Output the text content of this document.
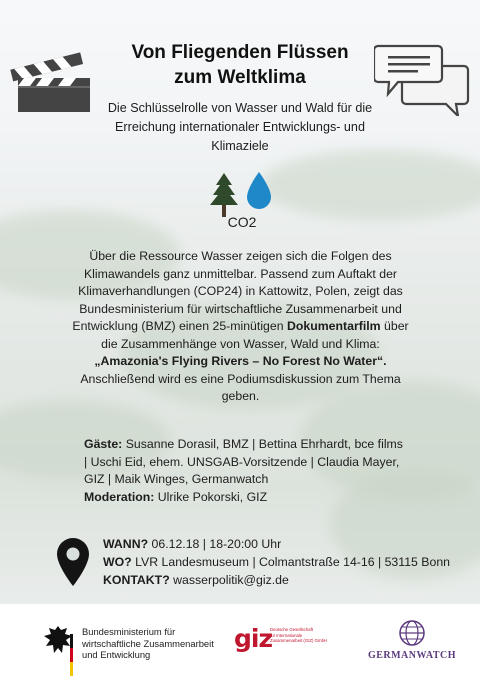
Von Fliegenden Flüssen
zum Weltklima

Die Schlüsselrolle von Wasser und Wald für die Erreichung internationaler Entwicklungs- und Klimaziele

CO2

Über die Ressource Wasser zeigen sich die Folgen des Klimawandels ganz unmittelbar. Passend zum Auftakt der Klimaverhandlungen (COP24) in Kattowitz, Polen, zeigt das Bundesministerium für wirtschaftliche Zusammenarbeit und Entwicklung (BMZ) einen 25-minütigen Dokumentarfilm über die Zusammenhänge von Wasser, Wald und Klima:
„Amazonia's Flying Rivers – No Forest No Water“.
Anschließend wird es eine Podiumsdiskussion zum Thema geben.

Gäste: Susanne Dorasil, BMZ | Bettina Ehrhardt, bce films | Uschi Eid, ehem. UNSGAB-Vorsitzende | Claudia Mayer, GIZ | Maik Winges, Germanwatch
Moderation: Ulrike Pokorski, GIZ

WANN? 06.12.18 | 18-20:00 Uhr
WO? LVR Landesmuseum | Colmantstraße 14-16 | 53115 Bonn
KONTAKT? wasserpolitik@giz.de
Bundesministerium für
wirtschaftliche Zusammenarbeit
und Entwicklung
giz
Deutsche Gesellschaft
für Internationale
Zusammenarbeit (GIZ) GmbH
GERMANWATCH
